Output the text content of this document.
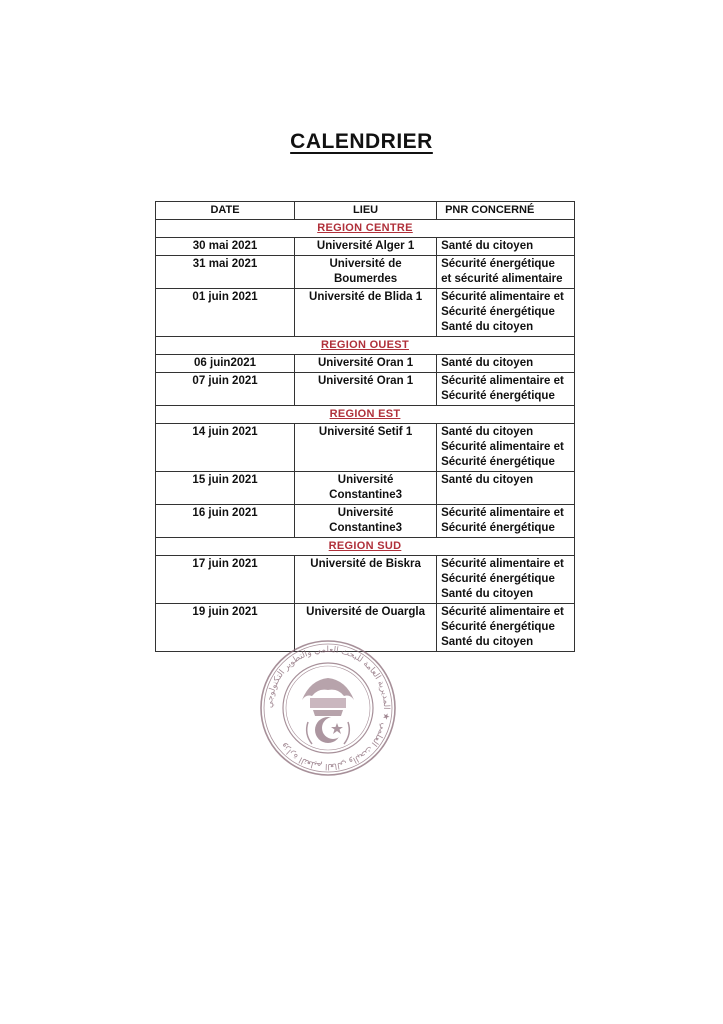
CALENDRIER
DATE	LIEU	PNR CONCERNÉ
REGION CENTRE		
30 mai 2021	Université Alger 1	Santé du citoyen

31 mai 2021	Université de
Boumerdes	Sécurité énergétique
et sécurité alimentaire

01 juin 2021	Université de Blida 1	Sécurité alimentaire et
Sécurité énergétique
Santé du citoyen

REGION OUEST		
06 juin2021	Université Oran 1	Santé du citoyen

07 juin 2021	Université Oran 1	Sécurité alimentaire et
Sécurité énergétique

REGION EST		
14 juin 2021	Université Setif 1	Santé du citoyen
Sécurité alimentaire et
Sécurité énergétique

15 juin 2021	Université
Constantine3	Santé du citoyen

16 juin 2021	Université
Constantine3	Sécurité alimentaire et
Sécurité énergétique

REGION SUD		
17 juin 2021	Université de Biskra	Sécurité alimentaire et
Sécurité énergétique
Santé du citoyen

19 juin 2021	Université de Ouargla	Sécurité alimentaire et
Sécurité énergétique
Santé du citoyen
وزارة التعليم العالي والبحث العلمي ★ المديرية العامة للبحث العلمي والتطوير التكنولوجي
